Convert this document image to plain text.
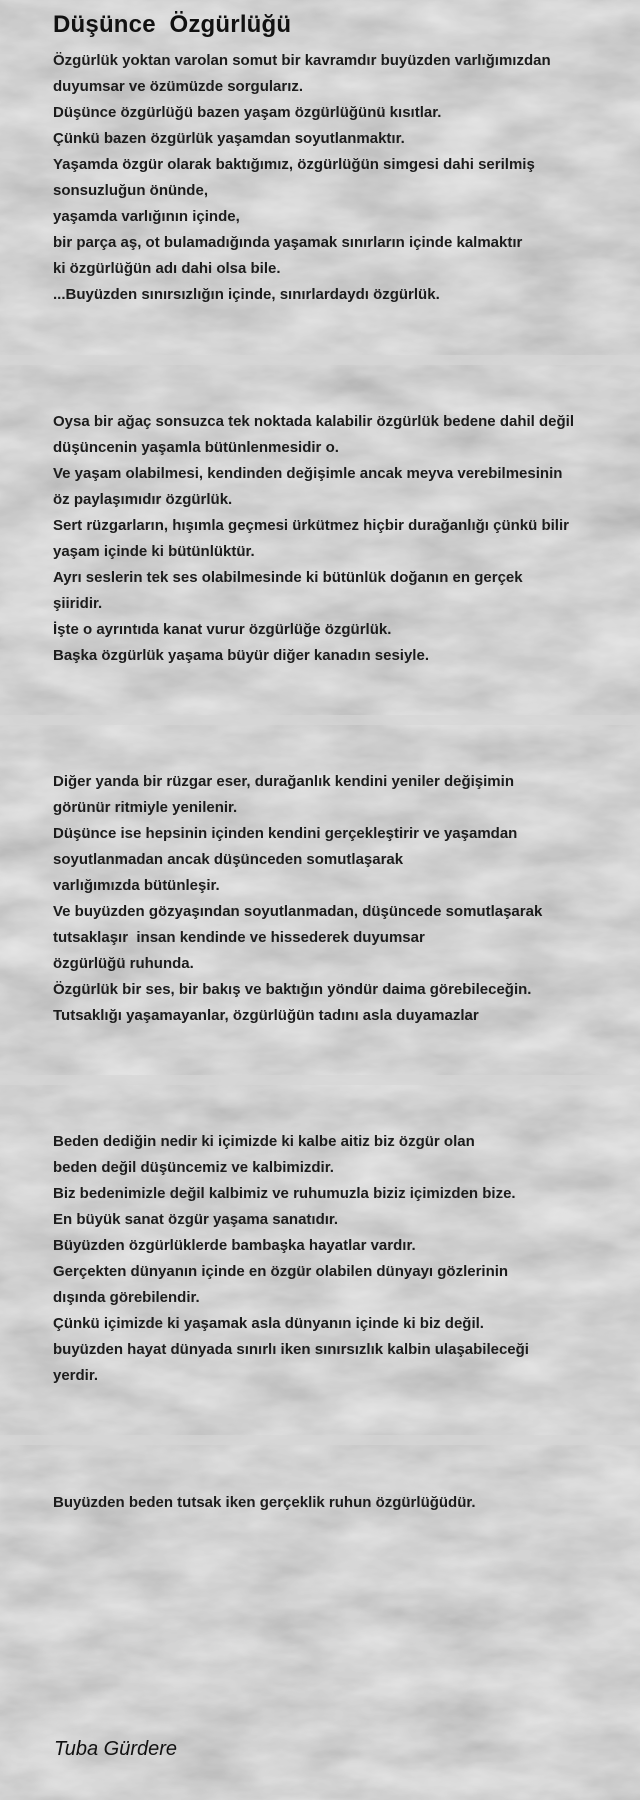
Düşünce  Özgürlüğü
Özgürlük yoktan varolan somut bir kavramdır buyüzden varlığımızdan
duyumsar ve özümüzde sorgularız.
Düşünce özgürlüğü bazen yaşam özgürlüğünü kısıtlar.
Çünkü bazen özgürlük yaşamdan soyutlanmaktır.
Yaşamda özgür olarak baktığımız, özgürlüğün simgesi dahi serilmiş
sonsuzluğun önünde,
yaşamda varlığının içinde,
bir parça aş, ot bulamadığında yaşamak sınırların içinde kalmaktır
ki özgürlüğün adı dahi olsa bile.
...Buyüzden sınırsızlığın içinde, sınırlardaydı özgürlük.
Oysa bir ağaç sonsuzca tek noktada kalabilir özgürlük bedene dahil değil
düşüncenin yaşamla bütünlenmesidir o.
Ve yaşam olabilmesi, kendinden değişimle ancak meyva verebilmesinin
öz paylaşımıdır özgürlük.
Sert rüzgarların, hışımla geçmesi ürkütmez hiçbir durağanlığı çünkü bilir
yaşam içinde ki bütünlüktür.
Ayrı seslerin tek ses olabilmesinde ki bütünlük doğanın en gerçek
şiiridir.
İşte o ayrıntıda kanat vurur özgürlüğe özgürlük.
Başka özgürlük yaşama büyür diğer kanadın sesiyle.
Diğer yanda bir rüzgar eser, durağanlık kendini yeniler değişimin
görünür ritmiyle yenilenir.
Düşünce ise hepsinin içinden kendini gerçekleştirir ve yaşamdan
soyutlanmadan ancak düşünceden somutlaşarak
varlığımızda bütünleşir.
Ve buyüzden gözyaşından soyutlanmadan, düşüncede somutlaşarak
tutsaklaşır  insan kendinde ve hissederek duyumsar
özgürlüğü ruhunda.
Özgürlük bir ses, bir bakış ve baktığın yöndür daima görebileceğin.
Tutsaklığı yaşamayanlar, özgürlüğün tadını asla duyamazlar
Beden dediğin nedir ki içimizde ki kalbe aitiz biz özgür olan
beden değil düşüncemiz ve kalbimizdir.
Biz bedenimizle değil kalbimiz ve ruhumuzla biziz içimizden bize.
En büyük sanat özgür yaşama sanatıdır.
Büyüzden özgürlüklerde bambaşka hayatlar vardır.
Gerçekten dünyanın içinde en özgür olabilen dünyayı gözlerinin
dışında görebilendir.
Çünkü içimizde ki yaşamak asla dünyanın içinde ki biz değil.
buyüzden hayat dünyada sınırlı iken sınırsızlık kalbin ulaşabileceği
yerdir.
Buyüzden beden tutsak iken gerçeklik ruhun özgürlüğüdür.
Tuba Gürdere
